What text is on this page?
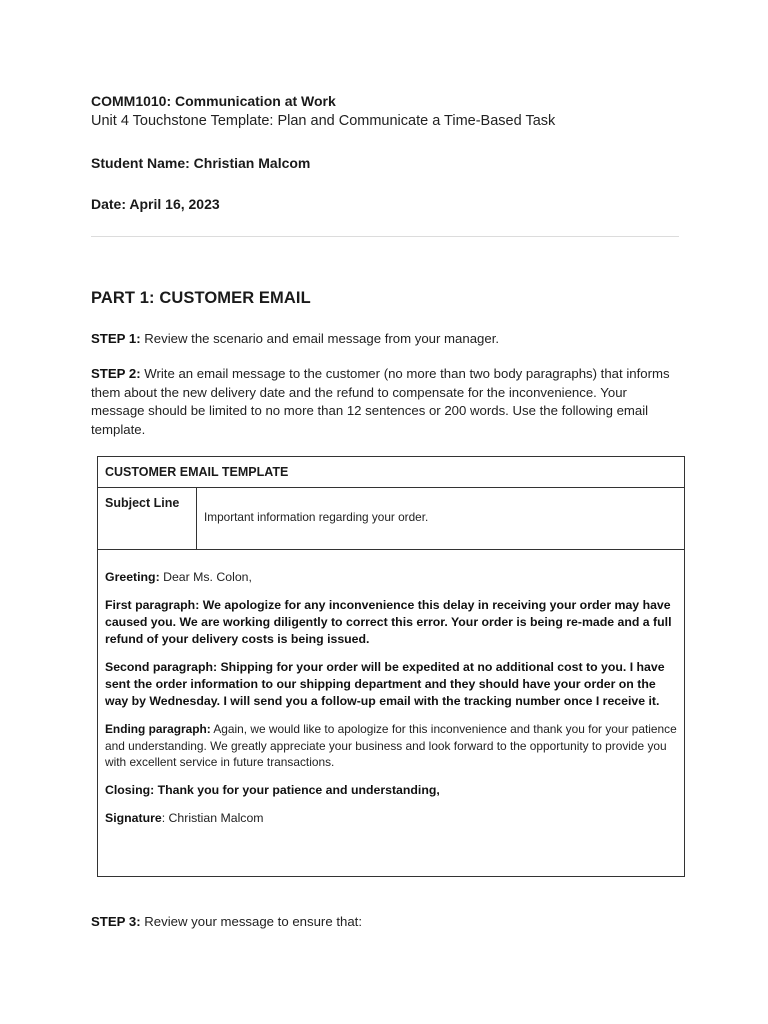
COMM1010: Communication at Work
Unit 4 Touchstone Template: Plan and Communicate a Time-Based Task
Student Name: Christian Malcom
Date: April 16, 2023
PART 1: CUSTOMER EMAIL
STEP 1: Review the scenario and email message from your manager.
STEP 2: Write an email message to the customer (no more than two body paragraphs) that informs them about the new delivery date and the refund to compensate for the inconvenience. Your message should be limited to no more than 12 sentences or 200 words. Use the following email template.
CUSTOMER EMAIL TEMPLATE
Subject Line
Important information regarding your order.

Greeting: Dear Ms. Colon,

First paragraph: We apologize for any inconvenience this delay in receiving your order may have caused you. We are working diligently to correct this error. Your order is being re-made and a full refund of your delivery costs is being issued.

Second paragraph: Shipping for your order will be expedited at no additional cost to you. I have sent the order information to our shipping department and they should have your order on the way by Wednesday. I will send you a follow-up email with the tracking number once I receive it.

Ending paragraph: Again, we would like to apologize for this inconvenience and thank you for your patience and understanding. We greatly appreciate your business and look forward to the opportunity to provide you with excellent service in future transactions.

Closing: Thank you for your patience and understanding,

Signature: Christian Malcom

STEP 3: Review your message to ensure that:
